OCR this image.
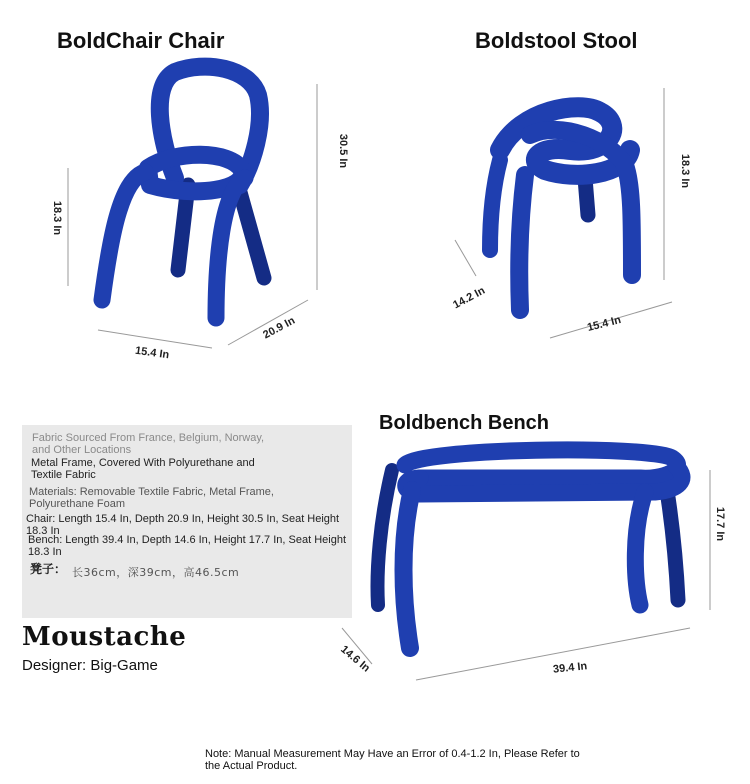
BoldChair Chair
30.5 In
18.3 In
15.4 In
20.9 In
Boldstool Stool
18.3 In
14.2 In
15.4 In
Fabric Sourced From France, Belgium, Norway, and Other Locations
Metal Frame, Covered With Polyurethane and Textile Fabric
Materials: Removable Textile Fabric, Metal Frame, Polyurethane Foam
Chair: Length 15.4 In, Depth 20.9 In, Height 30.5 In, Seat Height 18.3 In
Bench: Length 39.4 In, Depth 14.6 In, Height 17.7 In, Seat Height 18.3 In
凳子： 长36cm，深39cm，高46.5cm
Boldbench Bench
17.7 In
14.6 In	39.4 In
Moustache
Designer: Big-Game
Note: Manual Measurement May Have an Error of 0.4-1.2 In, Please Refer to the Actual Product.
